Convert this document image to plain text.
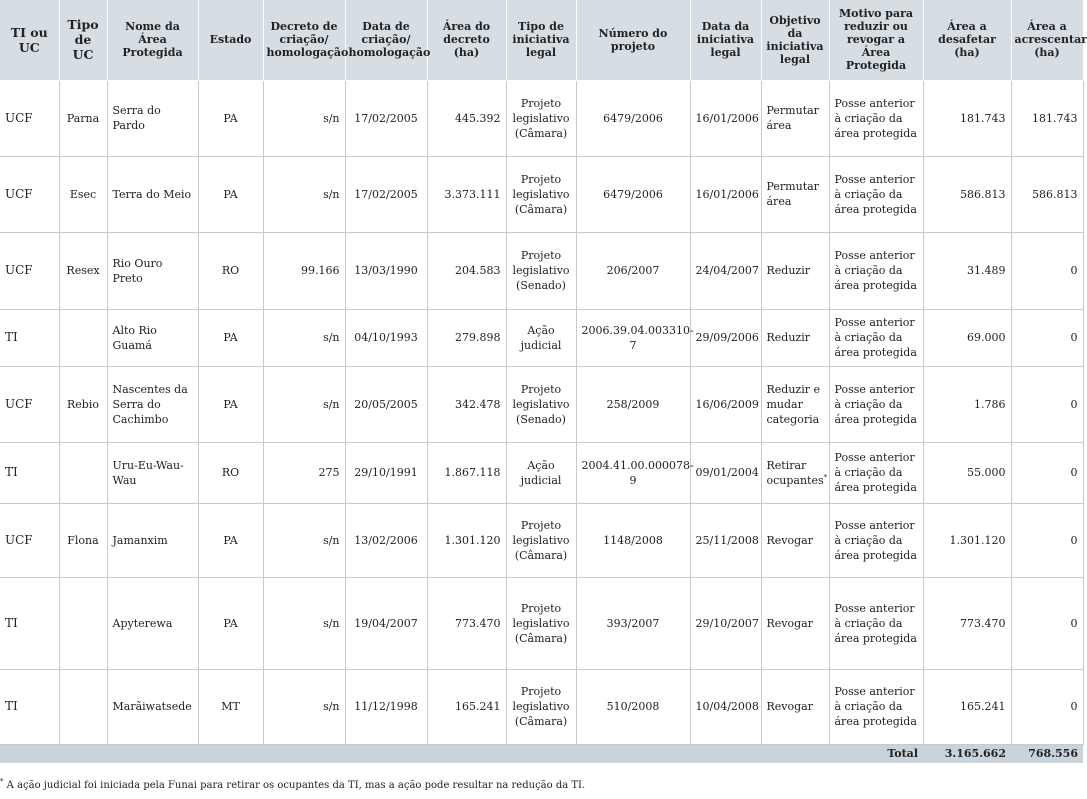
TI ou UC	Tipo de UC	Nome da Área Protegida	Estado	Decreto de criação/ homologação	Data de criação/ homologação	Área do decreto (ha)	Tipo de iniciativa legal	Número do projeto	Data da iniciativa legal	Objetivo da iniciativa legal	Motivo para reduzir ou revogar a Área Protegida	Área a desafetar (ha)	Área a acrescentar (ha)
UCF	Parna	Serra do Pardo	PA	s/n	17/02/2005	445.392	Projeto legislativo (Câmara)	6479/2006	16/01/2006	Permutar área	Posse anterior à criação da área protegida	181.743	181.743
UCF	Esec	Terra do Meio	PA	s/n	17/02/2005	3.373.111	Projeto legislativo (Câmara)	6479/2006	16/01/2006	Permutar área	Posse anterior à criação da área protegida	586.813	586.813
UCF	Resex	Rio Ouro Preto	RO	99.166	13/03/1990	204.583	Projeto legislativo (Senado)	206/2007	24/04/2007	Reduzir	Posse anterior à criação da área protegida	31.489	0
TI		Alto Rio Guamá	PA	s/n	04/10/1993	279.898	Ação judicial	2006.39.04.003310-7	29/09/2006	Reduzir	Posse anterior à criação da área protegida	69.000	0
UCF	Rebio	Nascentes da Serra do Cachimbo	PA	s/n	20/05/2005	342.478	Projeto legislativo (Senado)	258/2009	16/06/2009	Reduzir e mudar categoria	Posse anterior à criação da área protegida	1.786	0
TI		Uru-Eu-Wau-Wau	RO	275	29/10/1991	1.867.118	Ação judicial	2004.41.00.000078-9	09/01/2004	Retirar ocupantes*	Posse anterior à criação da área protegida	55.000	0
UCF	Flona	Jamanxim	PA	s/n	13/02/2006	1.301.120	Projeto legislativo (Câmara)	1148/2008	25/11/2008	Revogar	Posse anterior à criação da área protegida	1.301.120	0
TI		Apyterewa	PA	s/n	19/04/2007	773.470	Projeto legislativo (Câmara)	393/2007	29/10/2007	Revogar	Posse anterior à criação da área protegida	773.470	0
TI		Marãiwatsede	MT	s/n	11/12/1998	165.241	Projeto legislativo (Câmara)	510/2008	10/04/2008	Revogar	Posse anterior à criação da área protegida	165.241	0
Total												3.165.662	768.556
* A ação judicial foi iniciada pela Funai para retirar os ocupantes da TI, mas a ação pode resultar na redução da TI.
